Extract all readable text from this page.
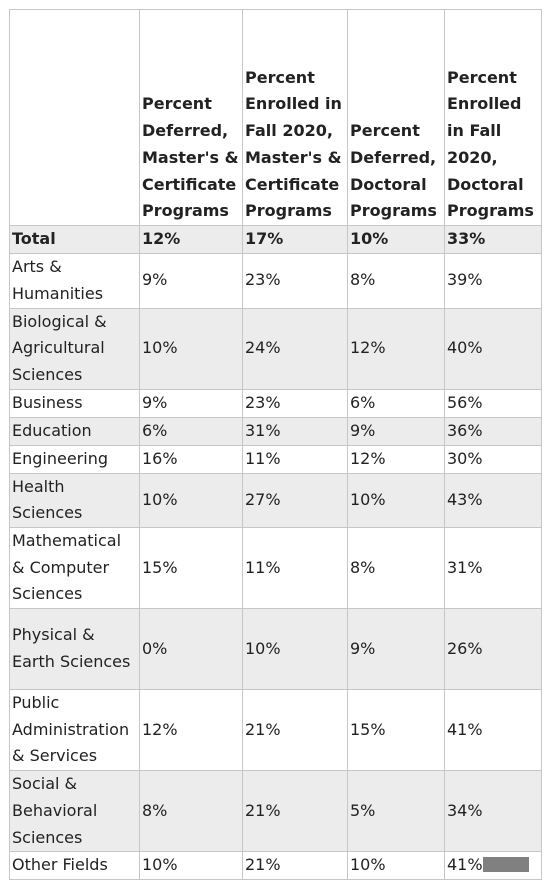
	Percent Deferred, Master's & Certificate Programs	Percent Enrolled in Fall 2020, Master's & Certificate Programs	Percent Deferred, Doctoral Programs	Percent Enrolled in Fall 2020, Doctoral Programs
Total	12%	17%	10%	33%
Arts & Humanities	9%	23%	8%	39%
Biological & Agricultural Sciences	10%	24%	12%	40%
Business	9%	23%	6%	56%
Education	6%	31%	9%	36%
Engineering	16%	11%	12%	30%
Health Sciences	10%	27%	10%	43%
Mathematical & Computer Sciences	15%	11%	8%	31%
Physical & Earth Sciences	0%	10%	9%	26%
Public Administration & Services	12%	21%	15%	41%
Social & Behavioral Sciences	8%	21%	5%	34%
Other Fields	10%	21%	10%	41%
